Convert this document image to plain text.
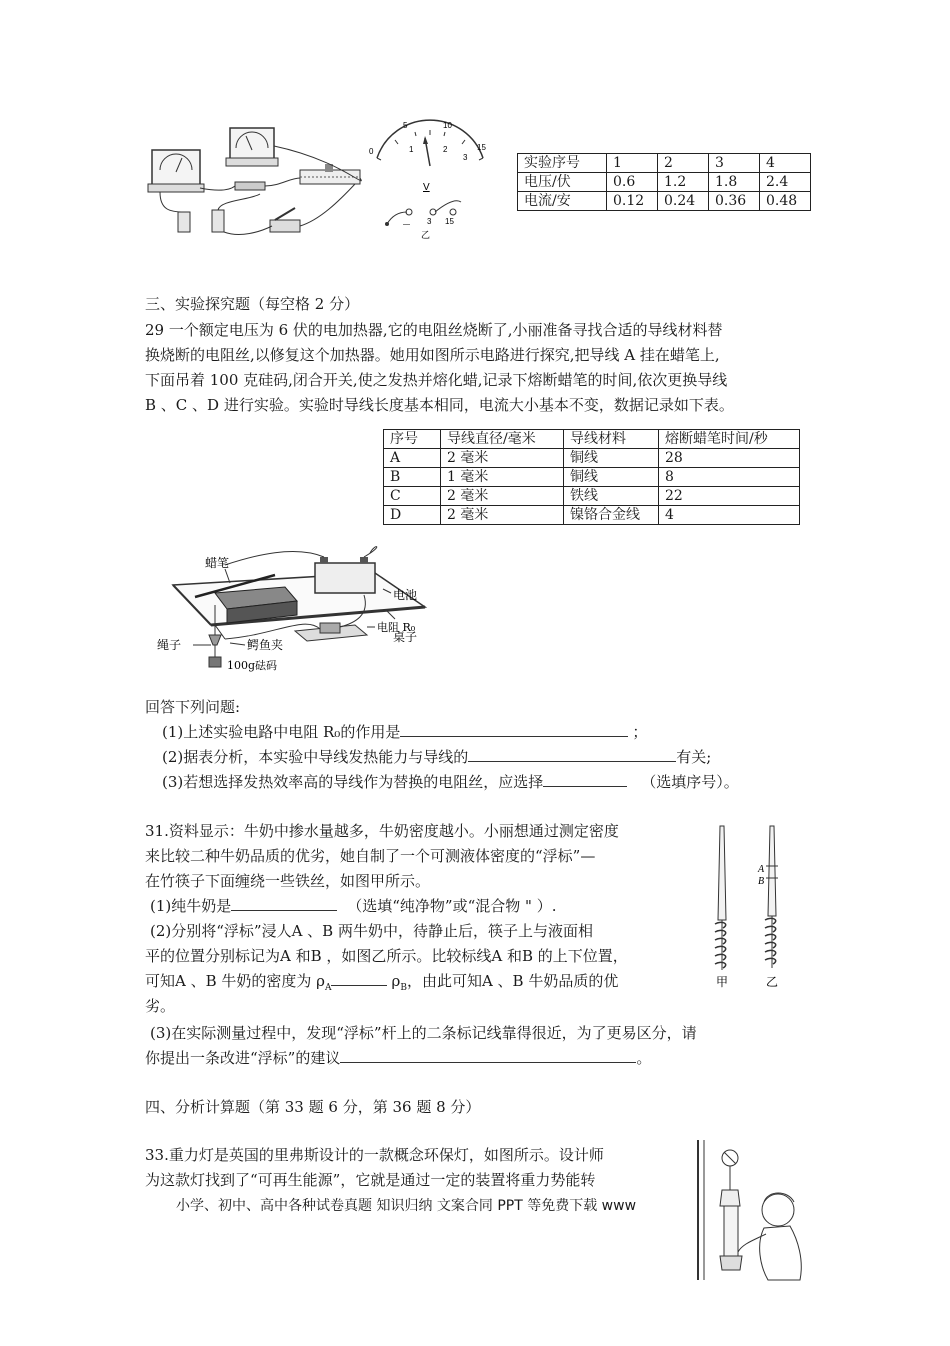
0
5	10
15
1	2
3
V
— 3 15
乙
实验序号	1	2	3	4
电压/伏	0.6	1.2	1.8	2.4
电流/安	0.12	0.24	0.36	0.48
三、实验探究题（每空格 2 分）
29 一个额定电压为 6 伏的电加热器,它的电阻丝烧断了,小丽准备寻找合适的导线材料替
换烧断的电阻丝,以修复这个加热器。她用如图所示电路进行探究,把导线 A 挂在蜡笔上,
下面吊着 100 克硅码,闭合开关,使之发热并熔化蜡,记录下熔断蜡笔的时间,依次更换导线
B 、C 、D 进行实验。实验时导线长度基本相同，电流大小基本不变，数据记录如下表。
序号	导线直径/毫米	导线材料	熔断蜡笔时间/秒
A	2 毫米	铜线	28
B	1 毫米	铜线	8
C	2 毫米	铁线	22
D	2 毫米	镍铬合金线	4
蜡笔
电池
电阻 R₀
绳子	鳄鱼夹
桌子
100g砝码
回答下列问题:
(1)上述实验电路中电阻 R₀的作用是	；
(2)据表分析，本实验中导线发热能力与导线的	有关;
(3)若想选择发热效率高的导线作为替换的电阻丝，应选择	（选填序号）。
31.资料显示：牛奶中掺水量越多，牛奶密度越小。小丽想通过测定密度
来比较二种牛奶品质的优劣，她自制了一个可测液体密度的“浮标”—
在竹筷子下面缠绕一些铁丝，如图甲所示。
(1)纯牛奶是	（选填“纯净物”或“混合物 " ）.
(2)分别将“浮标”浸人A 、B 两牛奶中，待静止后，筷子上与液面相
平的位置分别标记为A 和B ，如图乙所示。比较标线A 和B 的上下位置，
可知A 、B 牛奶的密度为 $\rho_A$	$\rho_B$，由此可知A 、B 牛奶品质的优
劣。
(3)在实际测量过程中，发现“浮标”杆上的二条标记线靠得很近，为了更易区分，请
你提出一条改进“浮标”的建议	。
A
B
甲	乙
四、分析计算题（第 33 题 6 分，第 36 题 8 分）
33.重力灯是英国的里弗斯设计的一款概念环保灯，如图所示。设计师
为这款灯找到了“可再生能源”，它就是通过一定的装置将重力势能转
小学、初中、高中各种试卷真题 知识归纳 文案合同 PPT 等免费下载 www
